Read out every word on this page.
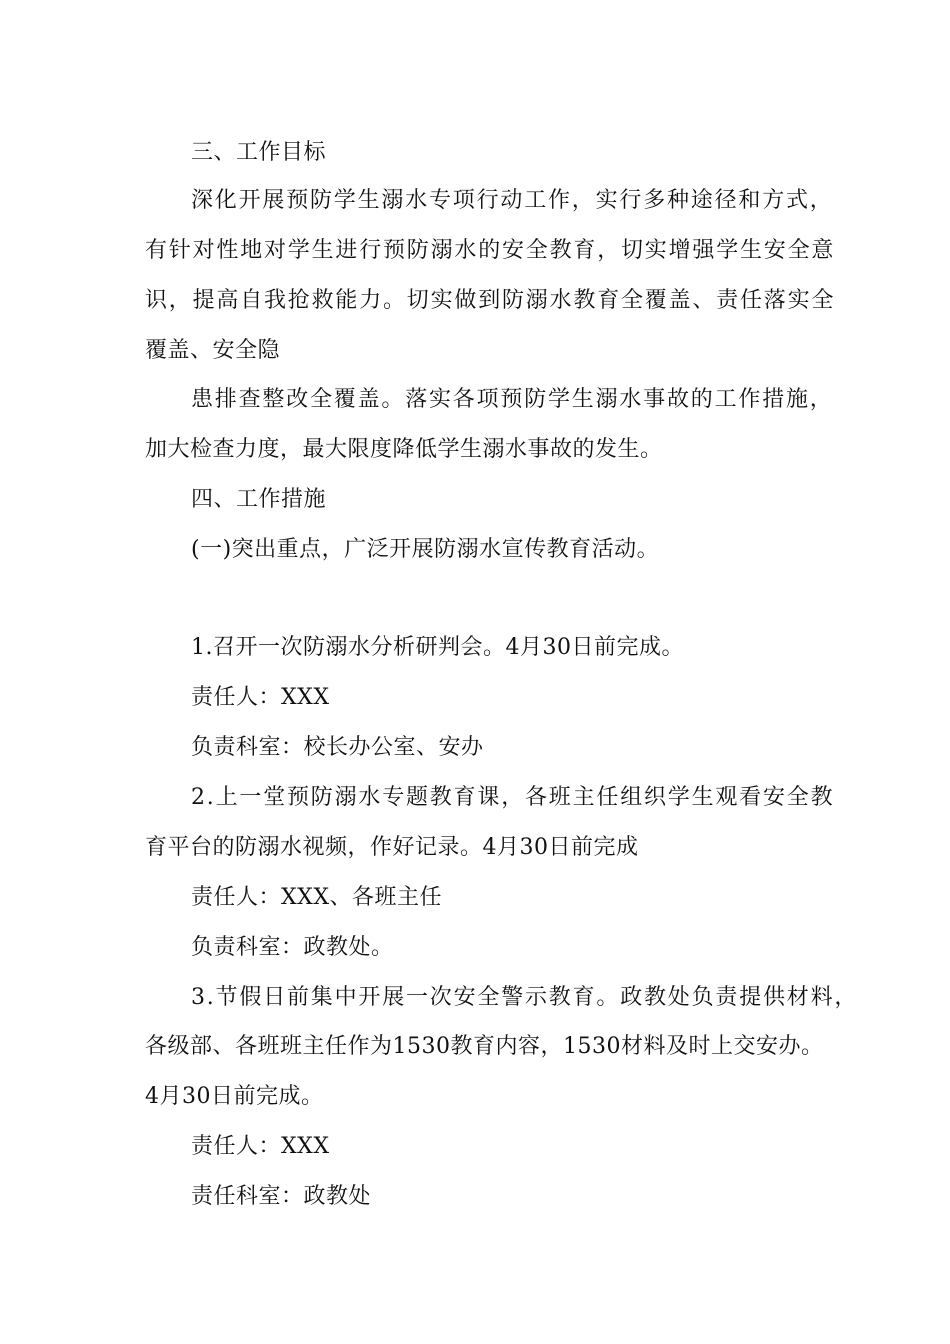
三、工作目标
深化开展预防学生溺水专项行动工作，实行多种途径和方式，
有针对性地对学生进行预防溺水的安全教育，切实增强学生安全意
识，提高自我抢救能力。切实做到防溺水教育全覆盖、责任落实全
覆盖、安全隐
患排查整改全覆盖。落实各项预防学生溺水事故的工作措施，
加大检查力度，最大限度降低学生溺水事故的发生。
四、工作措施
(一)突出重点，广泛开展防溺水宣传教育活动。
1.召开一次防溺水分析研判会。4月30日前完成。
责任人：XXX
负责科室：校长办公室、安办
2.上一堂预防溺水专题教育课，各班主任组织学生观看安全教
育平台的防溺水视频，作好记录。4月30日前完成
责任人：XXX、各班主任
负责科室：政教处。
3.节假日前集中开展一次安全警示教育。政教处负责提供材料，
各级部、各班班主任作为1530教育内容，1530材料及时上交安办。
4月30日前完成。
责任人：XXX
责任科室：政教处
